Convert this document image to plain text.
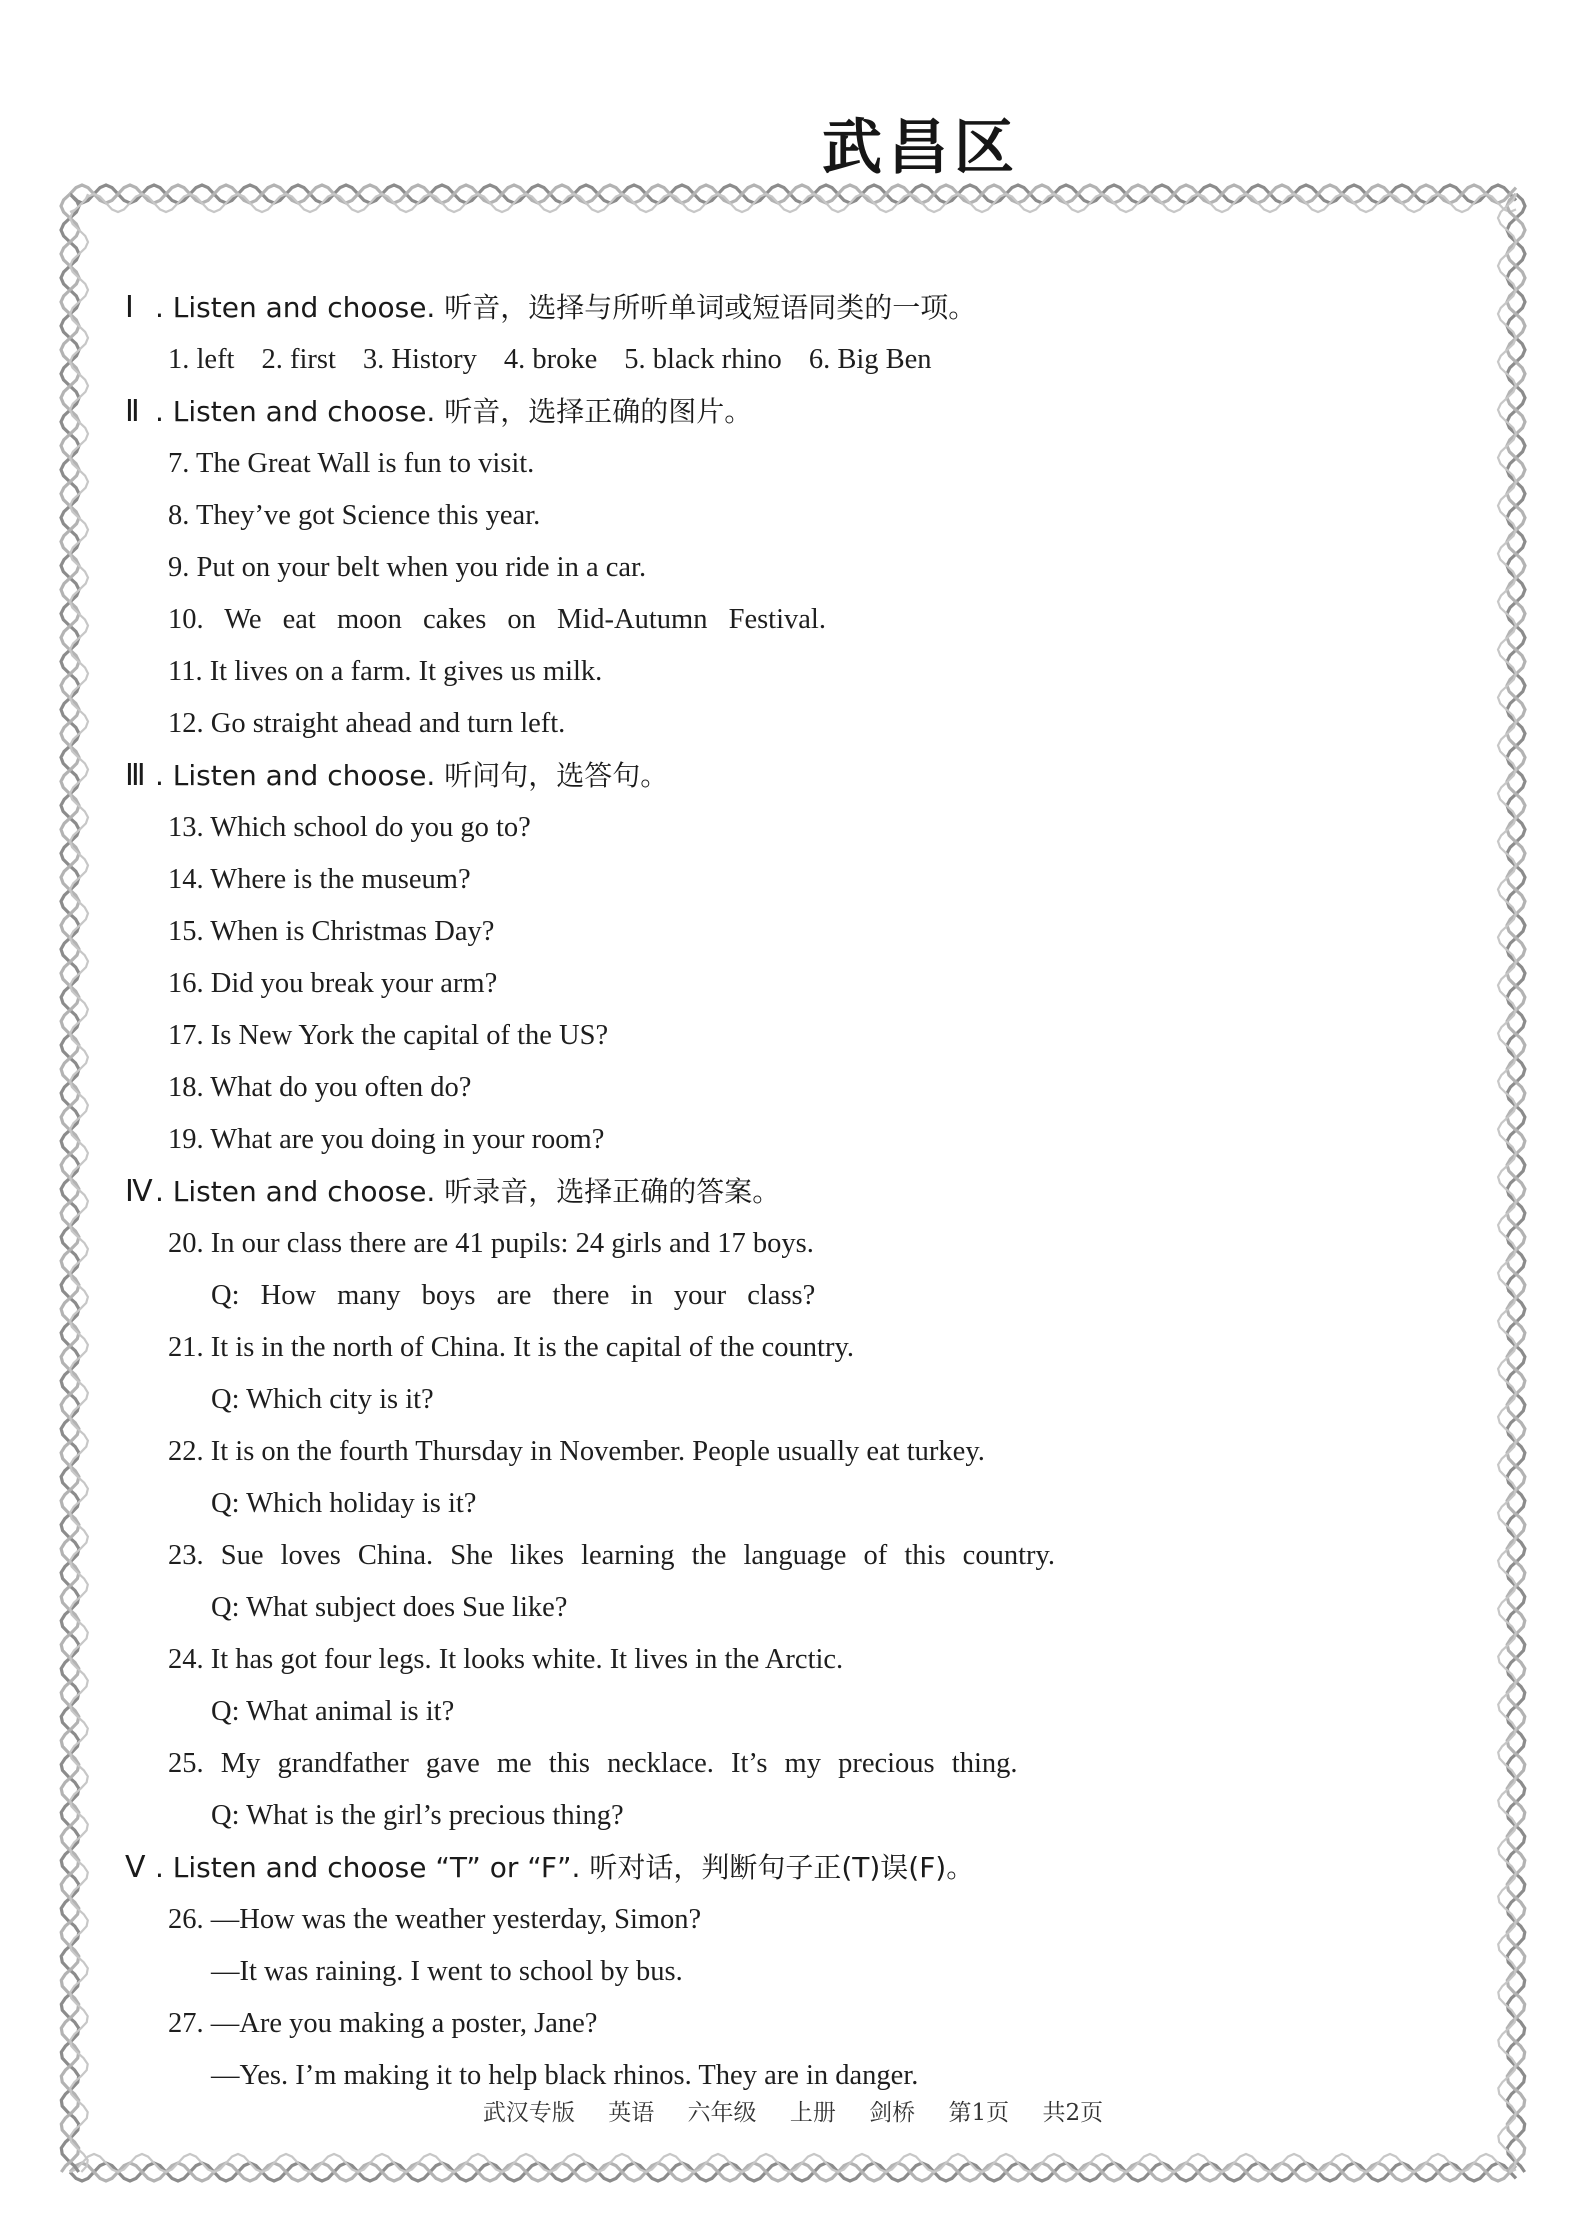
武昌区
Ⅰ . Listen and choose. 听音，选择与所听单词或短语同类的一项。
1. left 2. first 3. History 4. broke 5. black rhino 6. Big Ben
Ⅱ . Listen and choose. 听音，选择正确的图片。
7. The Great Wall is fun to visit.
8. They’ve got Science this year.
9. Put on your belt when you ride in a car.
10. We eat moon cakes on Mid-Autumn Festival.
11. It lives on a farm. It gives us milk.
12. Go straight ahead and turn left.
Ⅲ . Listen and choose. 听问句，选答句。
13. Which school do you go to?
14. Where is the museum?
15. When is Christmas Day?
16. Did you break your arm?
17. Is New York the capital of the US?
18. What do you often do?
19. What are you doing in your room?
Ⅳ. Listen and choose. 听录音，选择正确的答案。
20. In our class there are 41 pupils: 24 girls and 17 boys.
Q: How many boys are there in your class?
21. It is in the north of China. It is the capital of the country.
Q: Which city is it?
22. It is on the fourth Thursday in November. People usually eat turkey.
Q: Which holiday is it?
23. Sue loves China. She likes learning the language of this country.
Q: What subject does Sue like?
24. It has got four legs. It looks white. It lives in the Arctic.
Q: What animal is it?
25. My grandfather gave me this necklace. It’s my precious thing.
Q: What is the girl’s precious thing?
Ⅴ . Listen and choose “T” or “F”. 听对话，判断句子正(T)误(F)。
26. —How was the weather yesterday, Simon?
—It was raining. I went to school by bus.
27. —Are you making a poster, Jane?
—Yes. I’m making it to help black rhinos. They are in danger.
武汉专版 英语 六年级 上册 剑桥 第1页 共2页
